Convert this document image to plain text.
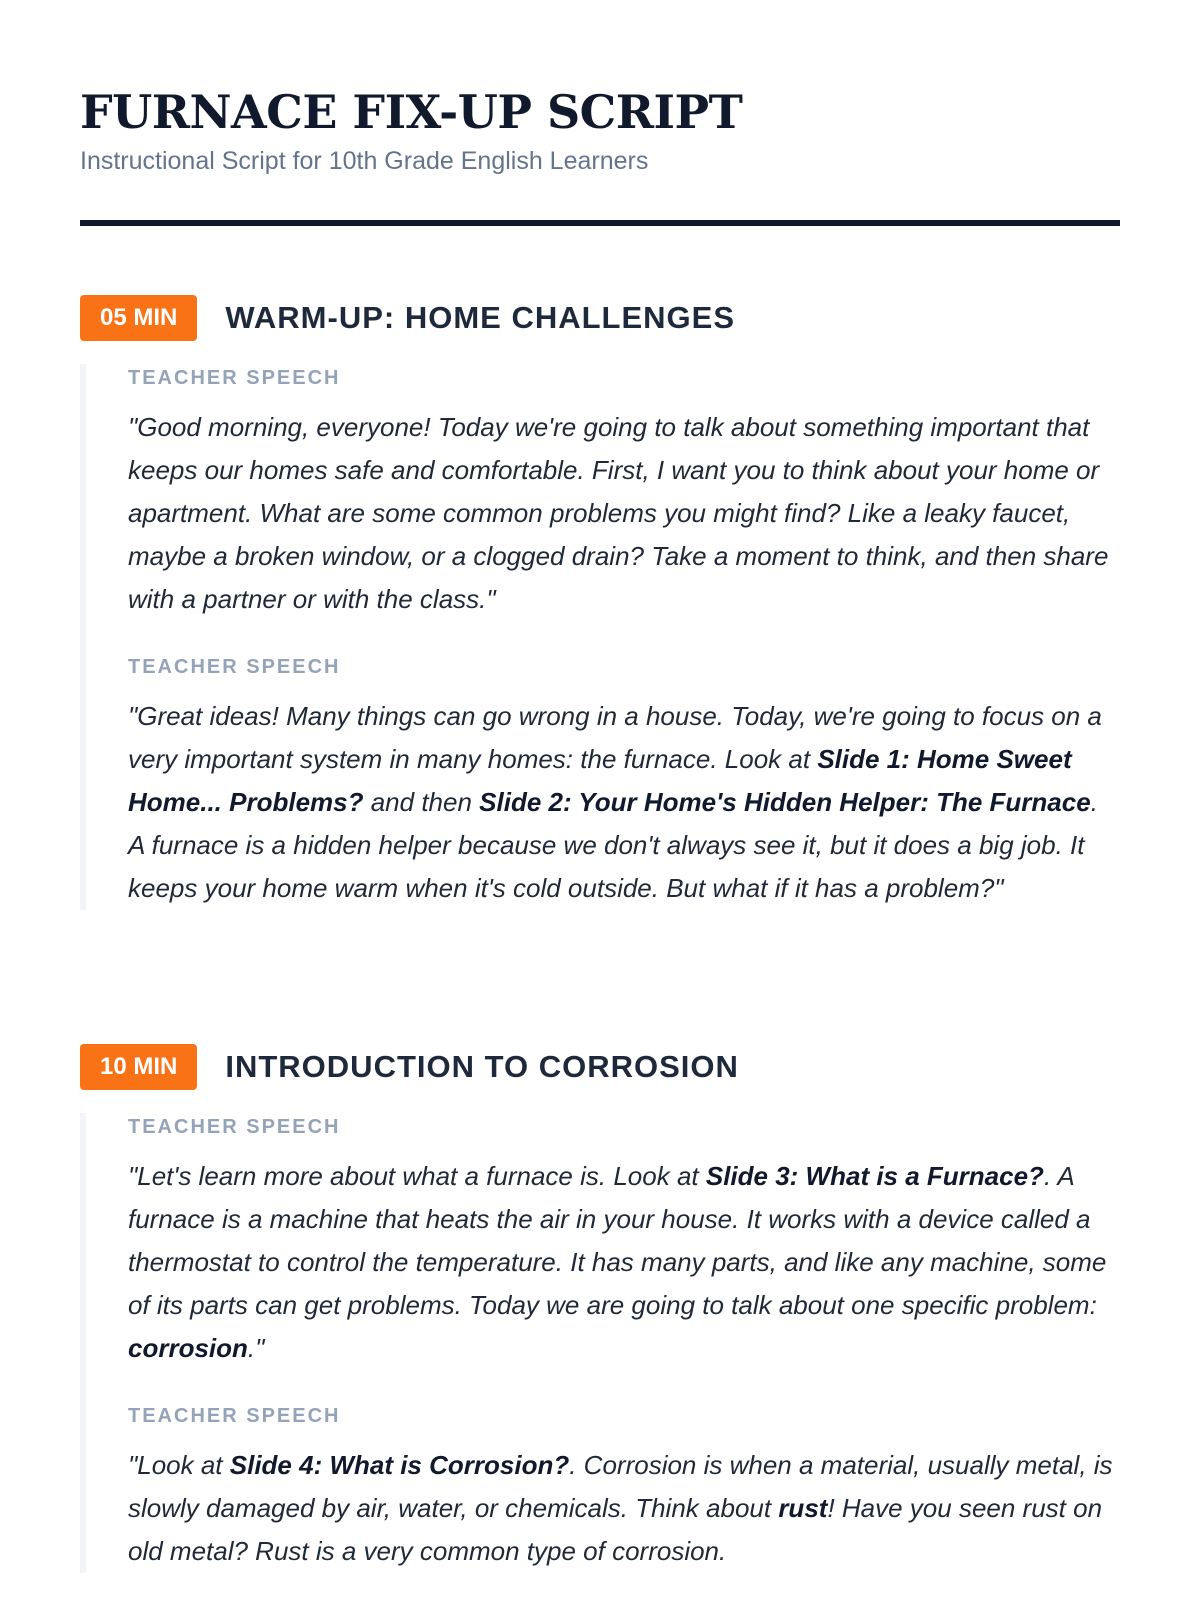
FURNACE FIX-UP SCRIPT
Instructional Script for 10th Grade English Learners
05 MIN	WARM-UP: HOME CHALLENGES
TEACHER SPEECH
"Good morning, everyone! Today we're going to talk about something important that keeps our homes safe and comfortable. First, I want you to think about your home or apartment. What are some common problems you might find? Like a leaky faucet, maybe a broken window, or a clogged drain? Take a moment to think, and then share with a partner or with the class."
TEACHER SPEECH
"Great ideas! Many things can go wrong in a house. Today, we're going to focus on a very important system in many homes: the furnace. Look at Slide 1: Home Sweet Home... Problems? and then Slide 2: Your Home's Hidden Helper: The Furnace. A furnace is a hidden helper because we don't always see it, but it does a big job. It keeps your home warm when it's cold outside. But what if it has a problem?"
10 MIN	INTRODUCTION TO CORROSION
TEACHER SPEECH
"Let's learn more about what a furnace is. Look at Slide 3: What is a Furnace?. A furnace is a machine that heats the air in your house. It works with a device called a thermostat to control the temperature. It has many parts, and like any machine, some of its parts can get problems. Today we are going to talk about one specific problem: corrosion."
TEACHER SPEECH
"Look at Slide 4: What is Corrosion?. Corrosion is when a material, usually metal, is slowly damaged by air, water, or chemicals. Think about rust! Have you seen rust on old metal? Rust is a very common type of corrosion.
